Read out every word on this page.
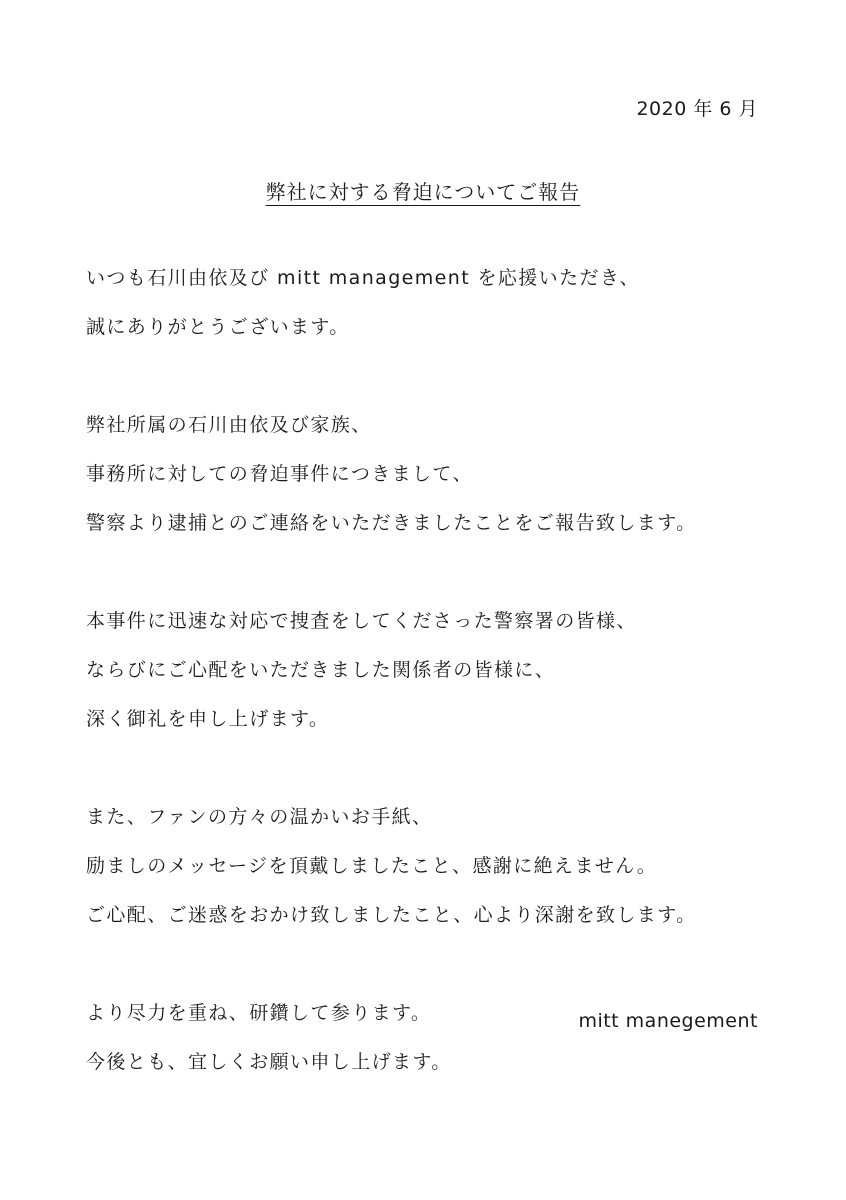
2020 年 6 月
弊社に対する脅迫についてご報告
いつも石川由依及び mitt management を応援いただき、
誠にありがとうございます。
弊社所属の石川由依及び家族、
事務所に対しての脅迫事件につきまして、
警察より逮捕とのご連絡をいただきましたことをご報告致します。
本事件に迅速な対応で捜査をしてくださった警察署の皆様、
ならびにご心配をいただきました関係者の皆様に、
深く御礼を申し上げます。
また、ファンの方々の温かいお手紙、
励ましのメッセージを頂戴しましたこと、感謝に絶えません。
ご心配、ご迷惑をおかけ致しましたこと、心より深謝を致します。
より尽力を重ね、研鑽して参ります。
今後とも、宜しくお願い申し上げます。
mitt manegement
